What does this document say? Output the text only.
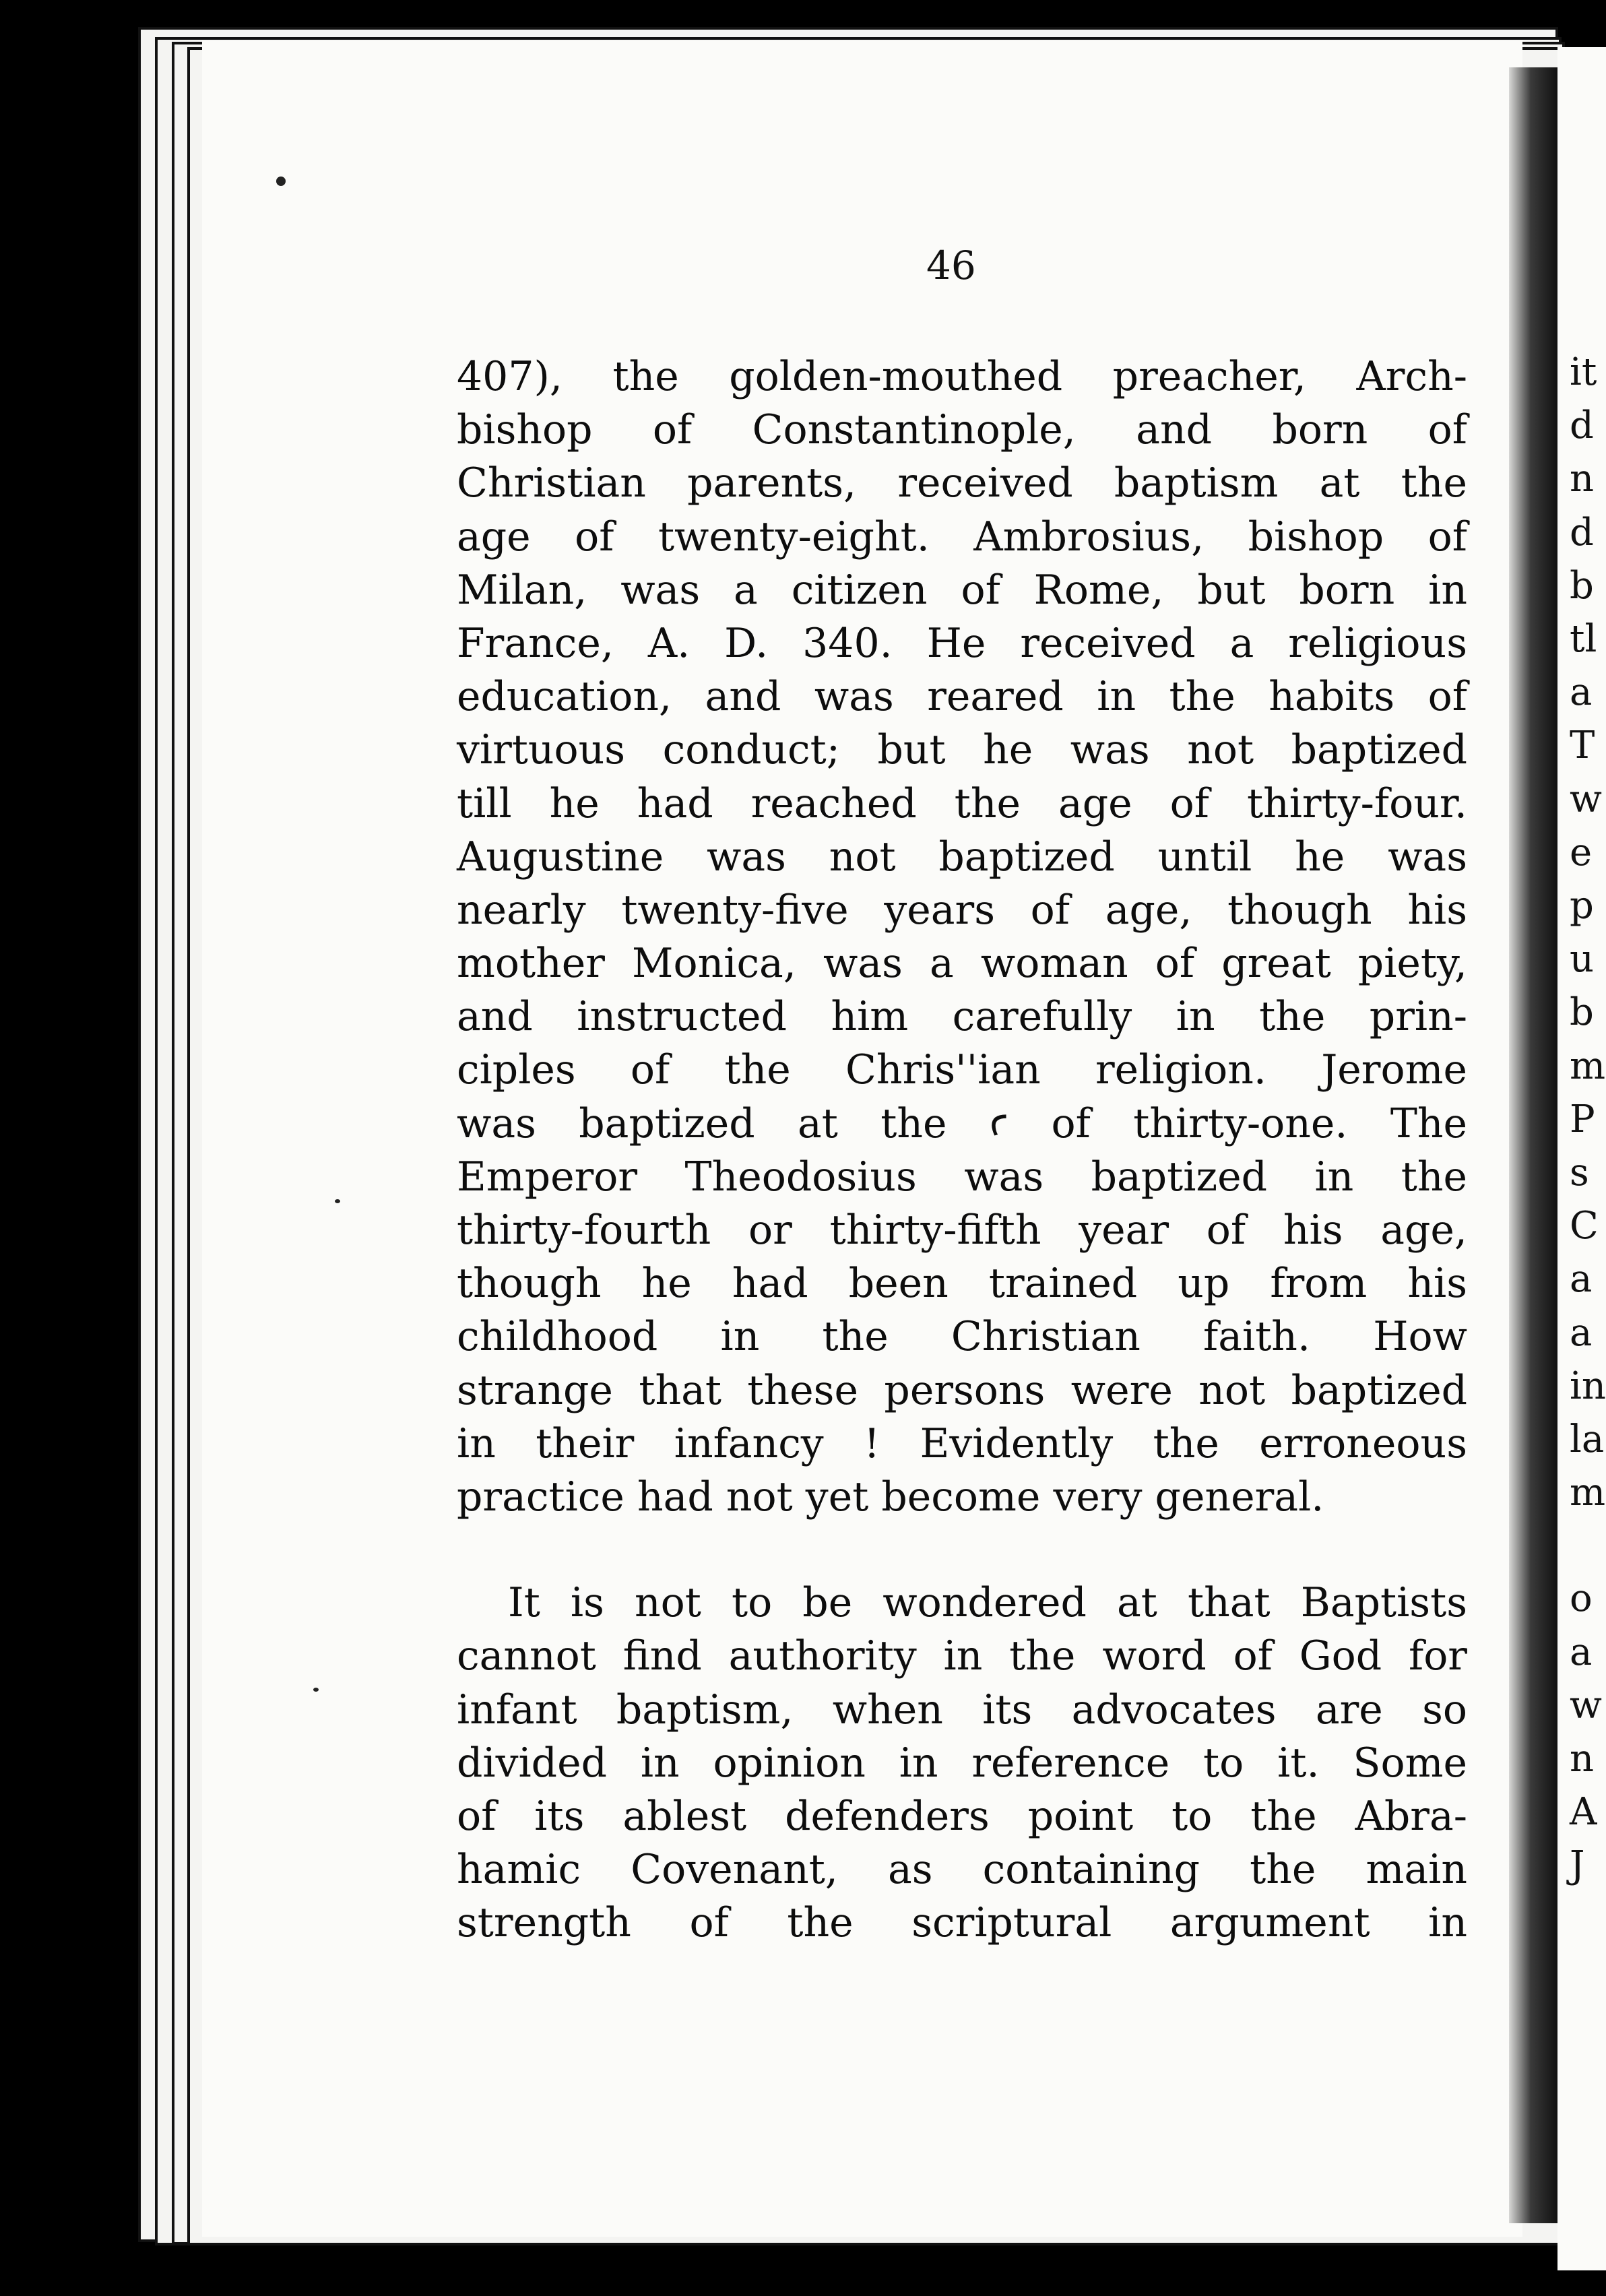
46
407), the golden-mouthed preacher, Arch-
bishop of Constantinople, and born of
Christian parents, received baptism at the
age of twenty-eight. Ambrosius, bishop of
Milan, was a citizen of Rome, but born in
France, A. D. 340. He received a religious
education, and was reared in the habits of
virtuous conduct; but he was not baptized
till he had reached the age of thirty-four.
Augustine was not baptized until he was
nearly twenty-five years of age, though his
mother Monica, was a woman of great piety,
and instructed him carefully in the prin-
ciples of the Chris''ian religion. Jerome
was baptized at the ꜥ of thirty-one. The
Emperor Theodosius was baptized in the
thirty-fourth or thirty-fifth year of his age,
though he had been trained up from his
childhood in the Christian faith. How
strange that these persons were not baptized
in their infancy ! Evidently the erroneous
practice had not yet become very general.
It is not to be wondered at that Baptists
cannot find authority in the word of God for
infant baptism, when its advocates are so
divided in opinion in reference to it. Some
of its ablest defenders point to the Abra-
hamic Covenant, as containing the main
strength of the scriptural argument in
it
d
n
d
b
tl
a
T
w
e
p
u
b
m
P
s
C
a
a
in
la
m
o
a
w
n
A
J
